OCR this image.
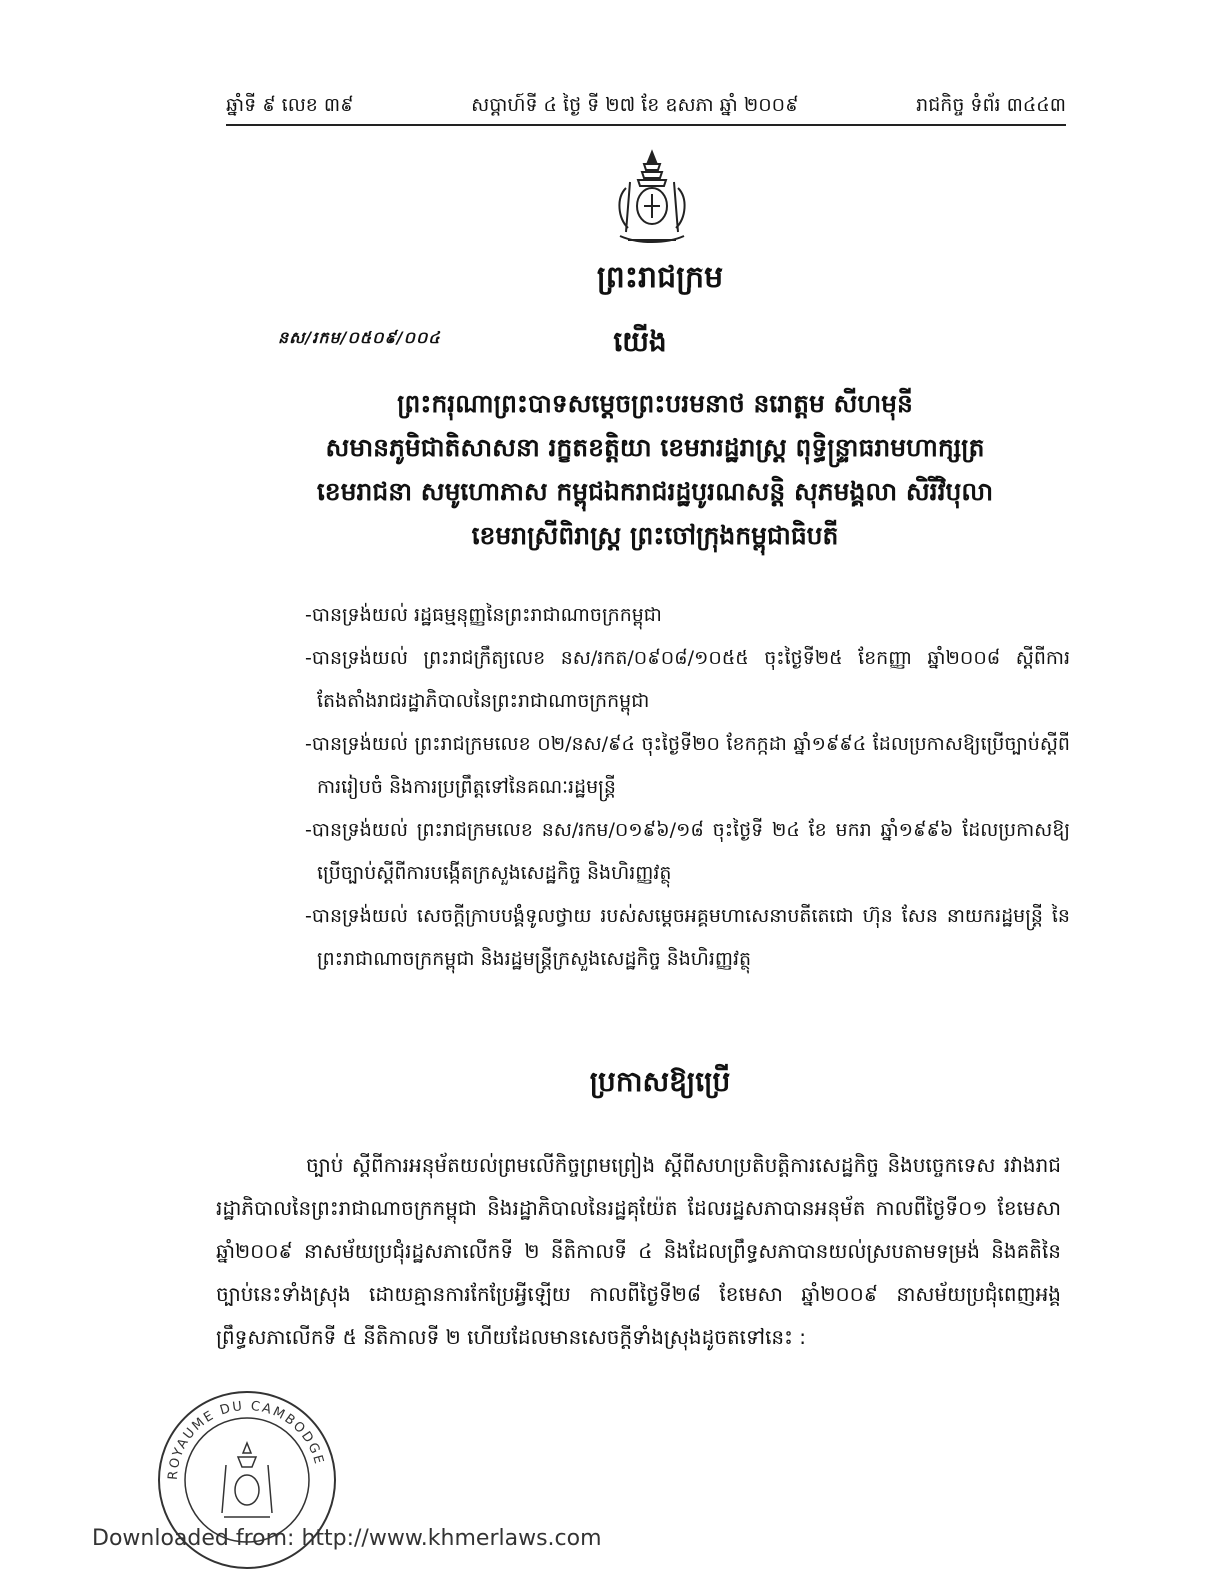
ឆ្នាំទី ៩ លេខ ៣៩	សប្តាហ៍ទី ៤ ថ្ងៃ ទី ២៧ ខែ ឧសភា ឆ្នាំ ២០០៩	រាជកិច្ច ទំព័រ ៣៤៤៣
ព្រះរាជក្រម
នស/រកម/០៥០៩/០០៤	យើង
ព្រះករុណាព្រះបាទសម្តេចព្រះបរមនាថ នរោត្តម សីហមុនី
សមានភូមិជាតិសាសនា រក្ខតខត្តិយា ខេមរារដ្ឋរាស្ត្រ ពុទ្ធិន្ទ្រាធរាមហាក្សត្រ
ខេមរាជនា សមូហោភាស កម្ពុជឯករាជរដ្ឋបូរណសន្តិ សុភមង្គលា សិរីវិបុលា
ខេមរាស្រីពិរាស្ត្រ ព្រះចៅក្រុងកម្ពុជាធិបតី
-បានទ្រង់យល់ រដ្ឋធម្មនុញ្ញនៃព្រះរាជាណាចក្រកម្ពុជា
-បានទ្រង់យល់ ព្រះរាជក្រឹត្យលេខ នស/រកត/០៩០៨/១០៥៥ ចុះថ្ងៃទី២៥ ខែកញ្ញា ឆ្នាំ២០០៨ ស្តីពីការតែងតាំងរាជរដ្ឋាភិបាលនៃព្រះរាជាណាចក្រកម្ពុជា
-បានទ្រង់យល់ ព្រះរាជក្រមលេខ ០២/នស/៩៤ ចុះថ្ងៃទី២០ ខែកក្កដា ឆ្នាំ១៩៩៤ ដែលប្រកាសឱ្យប្រើច្បាប់ស្តីពីការរៀបចំ និងការប្រព្រឹត្តទៅនៃគណៈរដ្ឋមន្ត្រី
-បានទ្រង់យល់ ព្រះរាជក្រមលេខ នស/រកម/០១៩៦/១៨ ចុះថ្ងៃទី ២៤ ខែ មករា ឆ្នាំ១៩៩៦ ដែលប្រកាសឱ្យប្រើច្បាប់ស្តីពីការបង្កើតក្រសួងសេដ្ឋកិច្ច និងហិរញ្ញវត្ថុ
-បានទ្រង់យល់ សេចក្តីក្រាបបង្គំទូលថ្វាយ របស់សម្តេចអគ្គមហាសេនាបតីតេជោ ហ៊ុន សែន នាយករដ្ឋមន្ត្រី នៃព្រះរាជាណាចក្រកម្ពុជា និងរដ្ឋមន្ត្រីក្រសួងសេដ្ឋកិច្ច និងហិរញ្ញវត្ថុ
ប្រកាសឱ្យប្រើ

ច្បាប់ ស្តីពីការអនុម័តយល់ព្រមលើកិច្ចព្រមព្រៀង ស្តីពីសហប្រតិបត្តិការសេដ្ឋកិច្ច និងបច្ចេកទេស រវាងរាជរដ្ឋាភិបាលនៃព្រះរាជាណាចក្រកម្ពុជា និងរដ្ឋាភិបាលនៃរដ្ឋគុយ៉ែត ដែលរដ្ឋសភាបានអនុម័ត កាលពីថ្ងៃទី០១ ខែមេសា ឆ្នាំ២០០៩ នាសម័យប្រជុំរដ្ឋសភាលើកទី ២ នីតិកាលទី ៤ និងដែលព្រឹទ្ធសភាបានយល់ស្របតាមទម្រង់ និងគតិនៃច្បាប់នេះទាំងស្រុង ដោយគ្មានការកែប្រែអ្វីឡើយ កាលពីថ្ងៃទី២៨ ខែមេសា ឆ្នាំ២០០៩ នាសម័យប្រជុំពេញអង្គព្រឹទ្ធសភាលើកទី ៥ នីតិកាលទី ២ ហើយដែលមានសេចក្តីទាំងស្រុងដូចតទៅនេះ :

ROYAUME DU CAMBODGE
Downloaded from: http://www.khmerlaws.com
